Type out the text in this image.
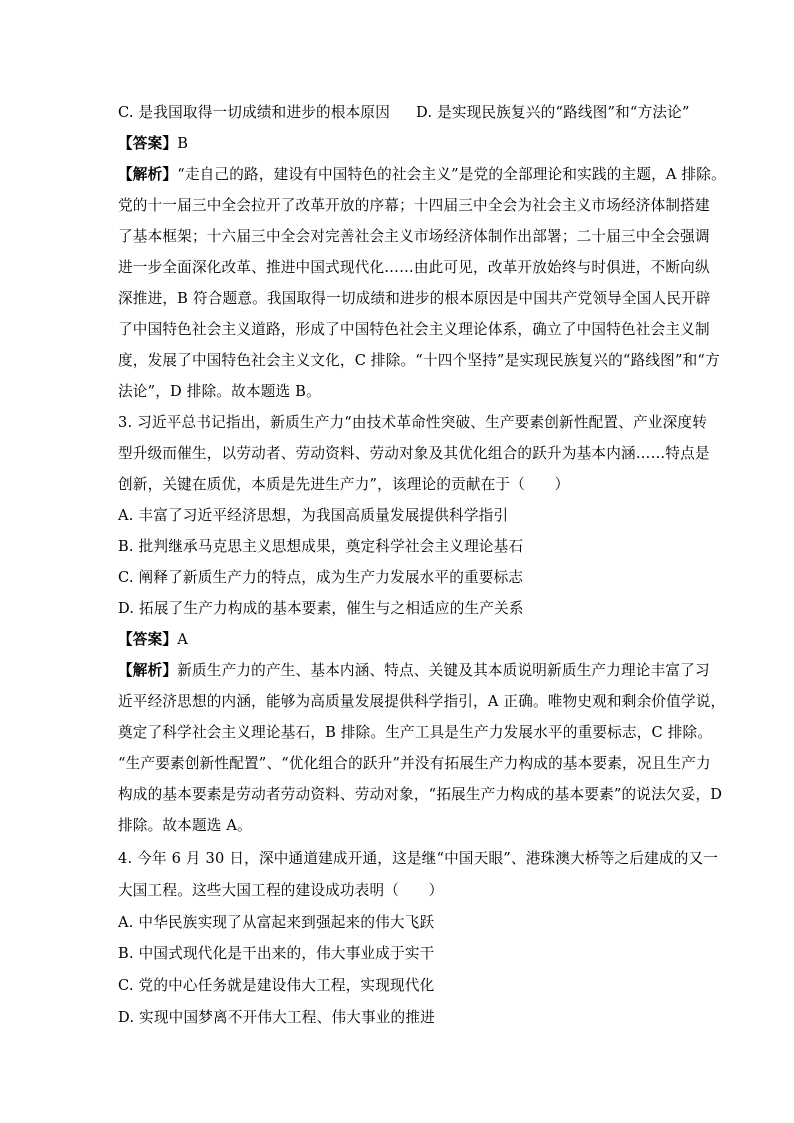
C. 是我国取得一切成绩和进步的根本原因 D. 是实现民族复兴的“路线图”和“方法论”
【答案】B
【解析】“走自己的路，建设有中国特色的社会主义”是党的全部理论和实践的主题，A 排除。
党的十一届三中全会拉开了改革开放的序幕；十四届三中全会为社会主义市场经济体制搭建
了基本框架；十六届三中全会对完善社会主义市场经济体制作出部署；二十届三中全会强调
进一步全面深化改革、推进中国式现代化……由此可见，改革开放始终与时俱进，不断向纵
深推进，B 符合题意。我国取得一切成绩和进步的根本原因是中国共产党领导全国人民开辟
了中国特色社会主义道路，形成了中国特色社会主义理论体系，确立了中国特色社会主义制
度，发展了中国特色社会主义文化，C 排除。“十四个坚持”是实现民族复兴的“路线图”和“方
法论”，D 排除。故本题选 B。
3. 习近平总书记指出，新质生产力“由技术革命性突破、生产要素创新性配置、产业深度转
型升级而催生，以劳动者、劳动资料、劳动对象及其优化组合的跃升为基本内涵……特点是
创新，关键在质优，本质是先进生产力”，该理论的贡献在于（　　）
A. 丰富了习近平经济思想，为我国高质量发展提供科学指引
B. 批判继承马克思主义思想成果，奠定科学社会主义理论基石
C. 阐释了新质生产力的特点，成为生产力发展水平的重要标志
D. 拓展了生产力构成的基本要素，催生与之相适应的生产关系
【答案】A
【解析】新质生产力的产生、基本内涵、特点、关键及其本质说明新质生产力理论丰富了习
近平经济思想的内涵，能够为高质量发展提供科学指引，A 正确。唯物史观和剩余价值学说，
奠定了科学社会主义理论基石，B 排除。生产工具是生产力发展水平的重要标志，C 排除。
“生产要素创新性配置”、“优化组合的跃升”并没有拓展生产力构成的基本要素，况且生产力
构成的基本要素是劳动者劳动资料、劳动对象，“拓展生产力构成的基本要素”的说法欠妥，D
排除。故本题选 A。
4. 今年 6 月 30 日，深中通道建成开通，这是继“中国天眼”、港珠澳大桥等之后建成的又一
大国工程。这些大国工程的建设成功表明（　　）
A. 中华民族实现了从富起来到强起来的伟大飞跃
B. 中国式现代化是干出来的，伟大事业成于实干
C. 党的中心任务就是建设伟大工程，实现现代化
D. 实现中国梦离不开伟大工程、伟大事业的推进
